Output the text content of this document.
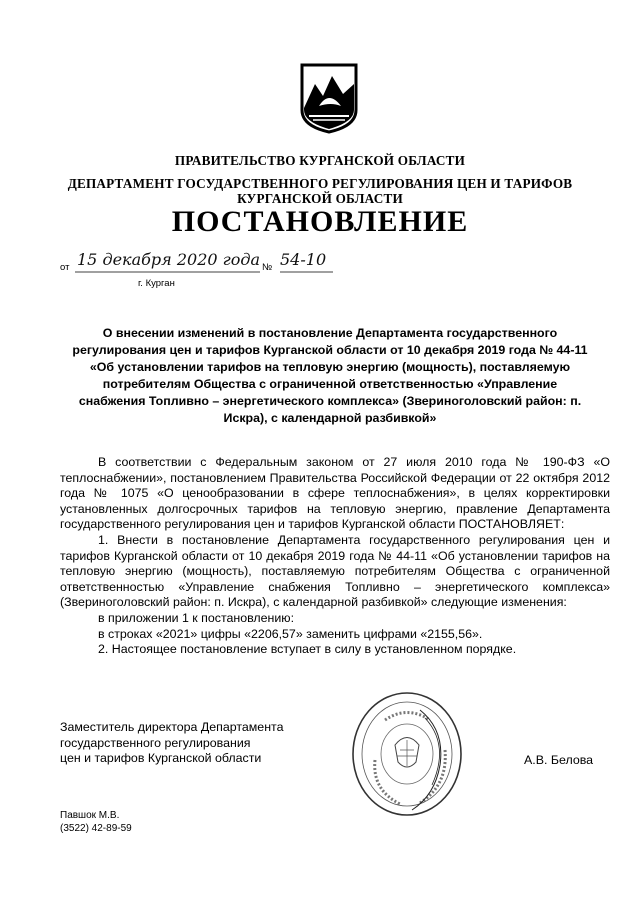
ПРАВИТЕЛЬСТВО КУРГАНСКОЙ ОБЛАСТИ
ДЕПАРТАМЕНТ ГОСУДАРСТВЕННОГО РЕГУЛИРОВАНИЯ ЦЕН И ТАРИФОВ
КУРГАНСКОЙ ОБЛАСТИ
ПОСТАНОВЛЕНИЕ
от 15 декабря 2020 года № 54-10
г. Курган
О внесении изменений в постановление Департамента государственного регулирования цен и тарифов Курганской области от 10 декабря 2019 года № 44-11 «Об установлении тарифов на тепловую энергию (мощность), поставляемую потребителям Общества с ограниченной ответственностью «Управление снабжения Топливно – энергетического комплекса» (Звериноголовский район: п. Искра), с календарной разбивкой»

В соответствии с Федеральным законом от 27 июля 2010 года № 190-ФЗ «О теплоснабжении», постановлением Правительства Российской Федерации от 22 октября 2012 года № 1075 «О ценообразовании в сфере теплоснабжения», в целях корректировки установленных долгосрочных тарифов на тепловую энергию, правление Департамента государственного регулирования цен и тарифов Курганской области ПОСТАНОВЛЯЕТ:

1. Внести в постановление Департамента государственного регулирования цен и тарифов Курганской области от 10 декабря 2019 года № 44-11 «Об установлении тарифов на тепловую энергию (мощность), поставляемую потребителям Общества с ограниченной ответственностью «Управление снабжения Топливно – энергетического комплекса» (Звериноголовский район: п. Искра), с календарной разбивкой» следующие изменения:

в приложении 1 к постановлению:

в строках «2021» цифры «2206,57» заменить цифрами «2155,56».

2. Настоящее постановление вступает в силу в установленном порядке.

Заместитель директора Департамента
государственного регулирования
цен и тарифов Курганской области	А.В. Белова
Павшок М.В.
(3522) 42-89-59
